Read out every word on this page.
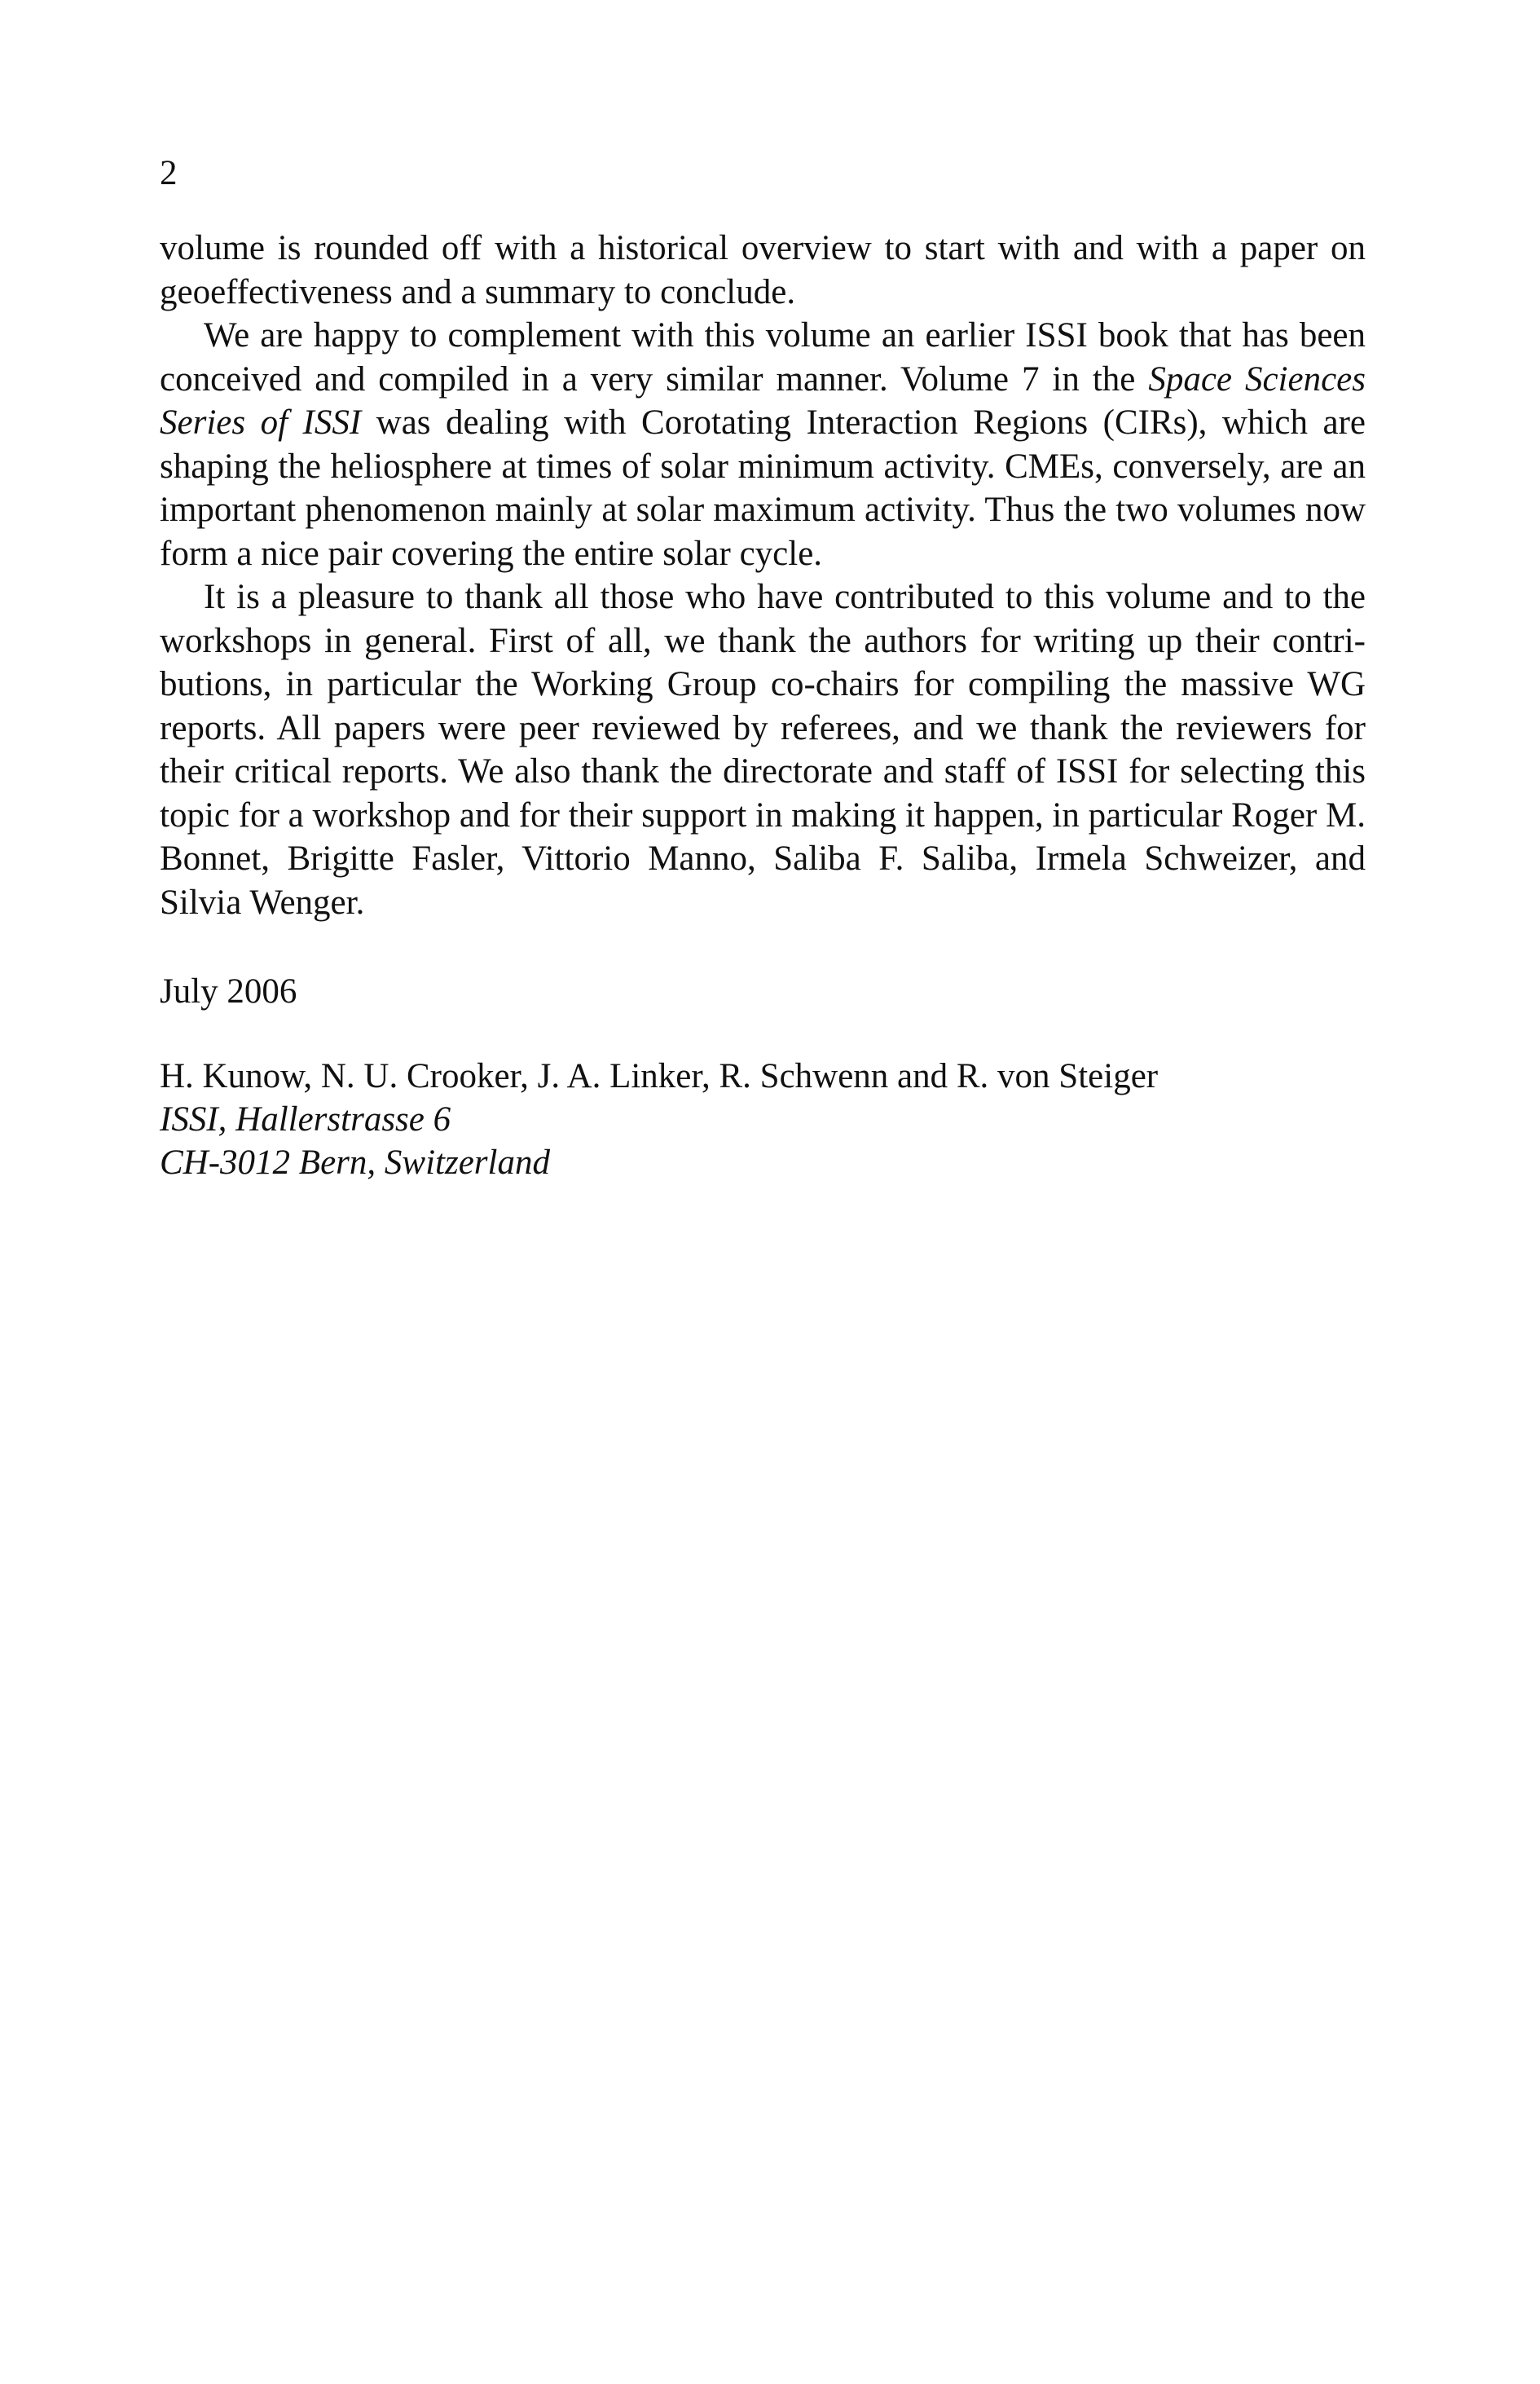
2

volume is rounded off with a historical overview to start with and with a paper on geoeffectiveness and a summary to conclude.

We are happy to complement with this volume an earlier ISSI book that has been conceived and compiled in a very similar manner. Volume 7 in the Space Sciences Series of ISSI was dealing with Corotating Interaction Regions (CIRs), which are shaping the heliosphere at times of solar minimum activity. CMEs, conversely, are an important phenomenon mainly at solar maximum activity. Thus the two volumes now form a nice pair covering the entire solar cycle.

It is a pleasure to thank all those who have contributed to this volume and to the workshops in general. First of all, we thank the authors for writing up their contributions, in particular the Working Group co-chairs for compiling the massive WG reports. All papers were peer reviewed by referees, and we thank the reviewers for their critical reports. We also thank the directorate and staff of ISSI for selecting this topic for a workshop and for their support in making it happen, in particular Roger M. Bonnet, Brigitte Fasler, Vittorio Manno, Saliba F. Saliba, Irmela Schweizer, and Silvia Wenger.

July 2006
H. Kunow, N. U. Crooker, J. A. Linker, R. Schwenn and R. von Steiger
ISSI, Hallerstrasse 6
CH-3012 Bern, Switzerland
